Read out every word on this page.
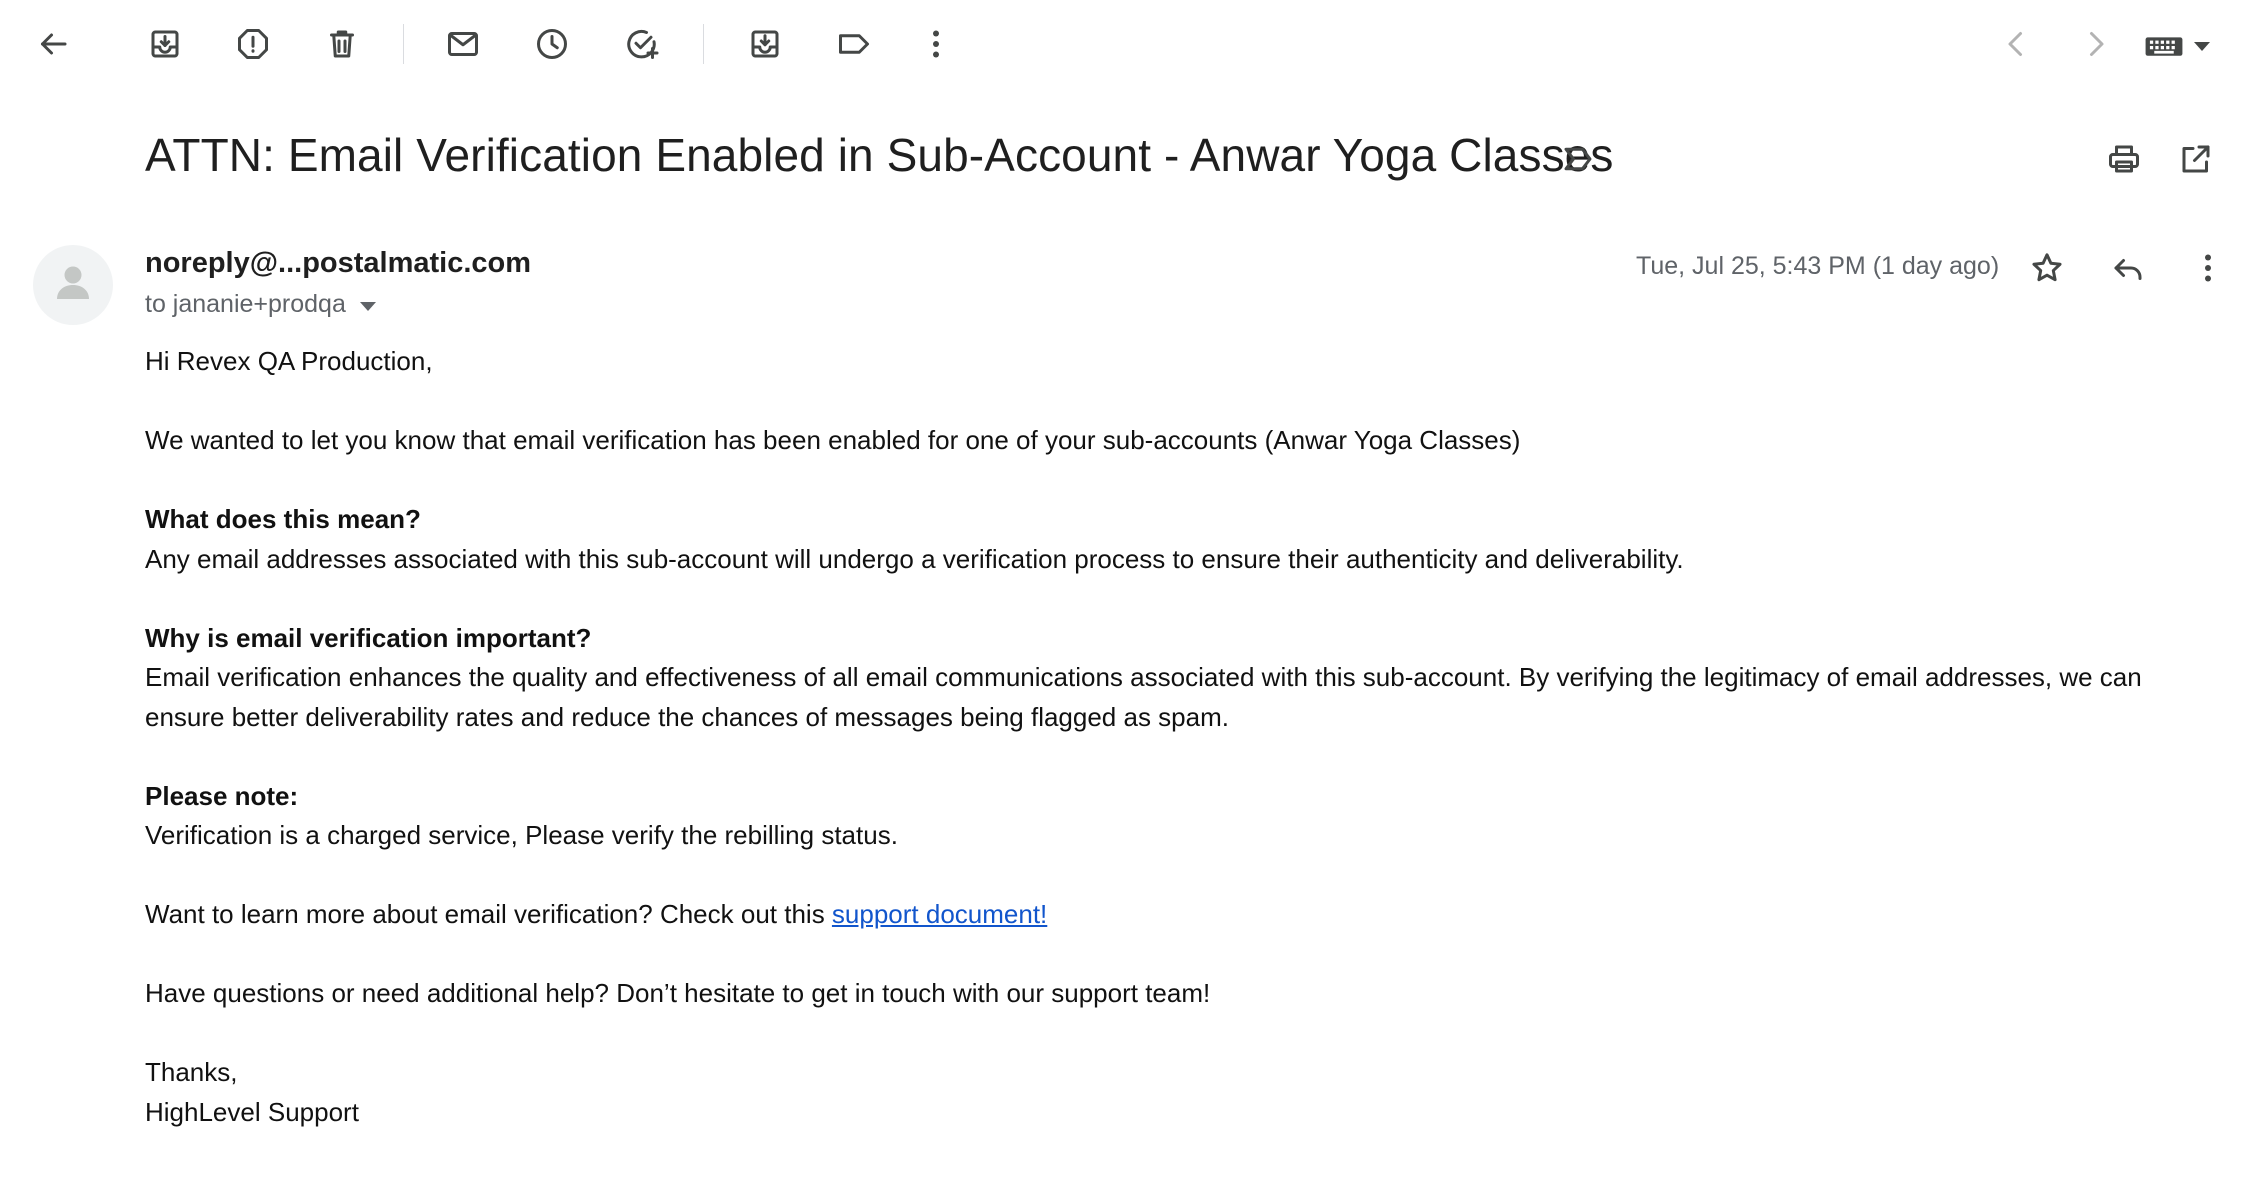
ATTN: Email Verification Enabled in Sub-Account - Anwar Yoga Classes
noreply@...postalmatic.com
to jananie+prodqa
Tue, Jul 25, 5:43 PM (1 day ago)

Hi Revex QA Production,

We wanted to let you know that email verification has been enabled for one of your sub-accounts (Anwar Yoga Classes)

What does this mean?
Any email addresses associated with this sub-account will undergo a verification process to ensure their authenticity and deliverability.

Why is email verification important?
Email verification enhances the quality and effectiveness of all email communications associated with this sub-account. By verifying the legitimacy of email addresses, we can ensure better deliverability rates and reduce the chances of messages being flagged as spam.

Please note:
Verification is a charged service, Please verify the rebilling status.

Want to learn more about email verification? Check out this support document!

Have questions or need additional help? Don’t hesitate to get in touch with our support team!

Thanks,
HighLevel Support
